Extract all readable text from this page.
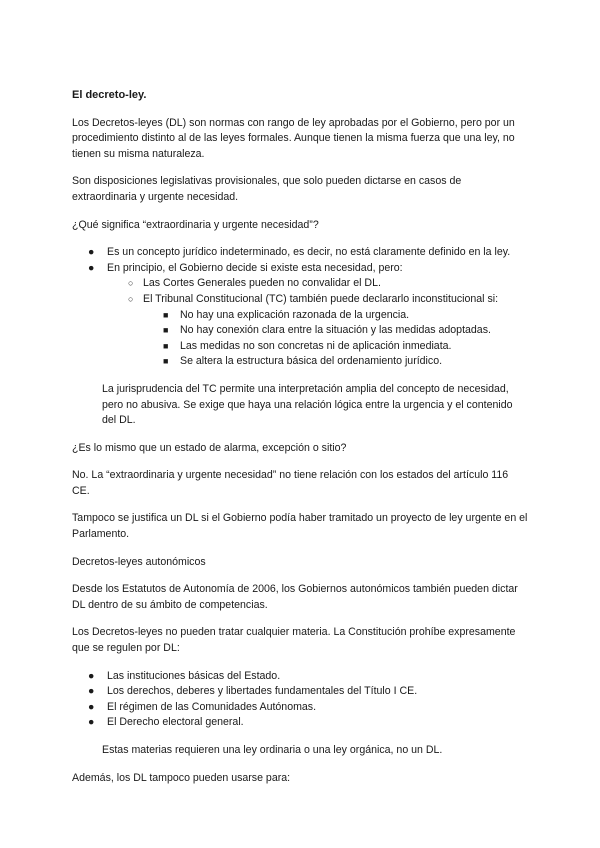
El decreto-ley.

Los Decretos-leyes (DL) son normas con rango de ley aprobadas por el Gobierno, pero por un procedimiento distinto al de las leyes formales. Aunque tienen la misma fuerza que una ley, no tienen su misma naturaleza.

Son disposiciones legislativas provisionales, que solo pueden dictarse en casos de extraordinaria y urgente necesidad.

¿Qué significa “extraordinaria y urgente necesidad”?

● Es un concepto jurídico indeterminado, es decir, no está claramente definido en la ley.
● En principio, el Gobierno decide si existe esta necesidad, pero:
○ Las Cortes Generales pueden no convalidar el DL.
○ El Tribunal Constitucional (TC) también puede declararlo inconstitucional si:
■ No hay una explicación razonada de la urgencia.
■ No hay conexión clara entre la situación y las medidas adoptadas.
■ Las medidas no son concretas ni de aplicación inmediata.
■ Se altera la estructura básica del ordenamiento jurídico.

La jurisprudencia del TC permite una interpretación amplia del concepto de necesidad, pero no abusiva. Se exige que haya una relación lógica entre la urgencia y el contenido del DL.

¿Es lo mismo que un estado de alarma, excepción o sitio?

No. La “extraordinaria y urgente necesidad” no tiene relación con los estados del artículo 116 CE.

Tampoco se justifica un DL si el Gobierno podía haber tramitado un proyecto de ley urgente en el Parlamento.

Decretos-leyes autonómicos

Desde los Estatutos de Autonomía de 2006, los Gobiernos autonómicos también pueden dictar DL dentro de su ámbito de competencias.

Los Decretos-leyes no pueden tratar cualquier materia. La Constitución prohíbe expresamente que se regulen por DL:

● Las instituciones básicas del Estado.
● Los derechos, deberes y libertades fundamentales del Título I CE.
● El régimen de las Comunidades Autónomas.
● El Derecho electoral general.

Estas materias requieren una ley ordinaria o una ley orgánica, no un DL.

Además, los DL tampoco pueden usarse para:
